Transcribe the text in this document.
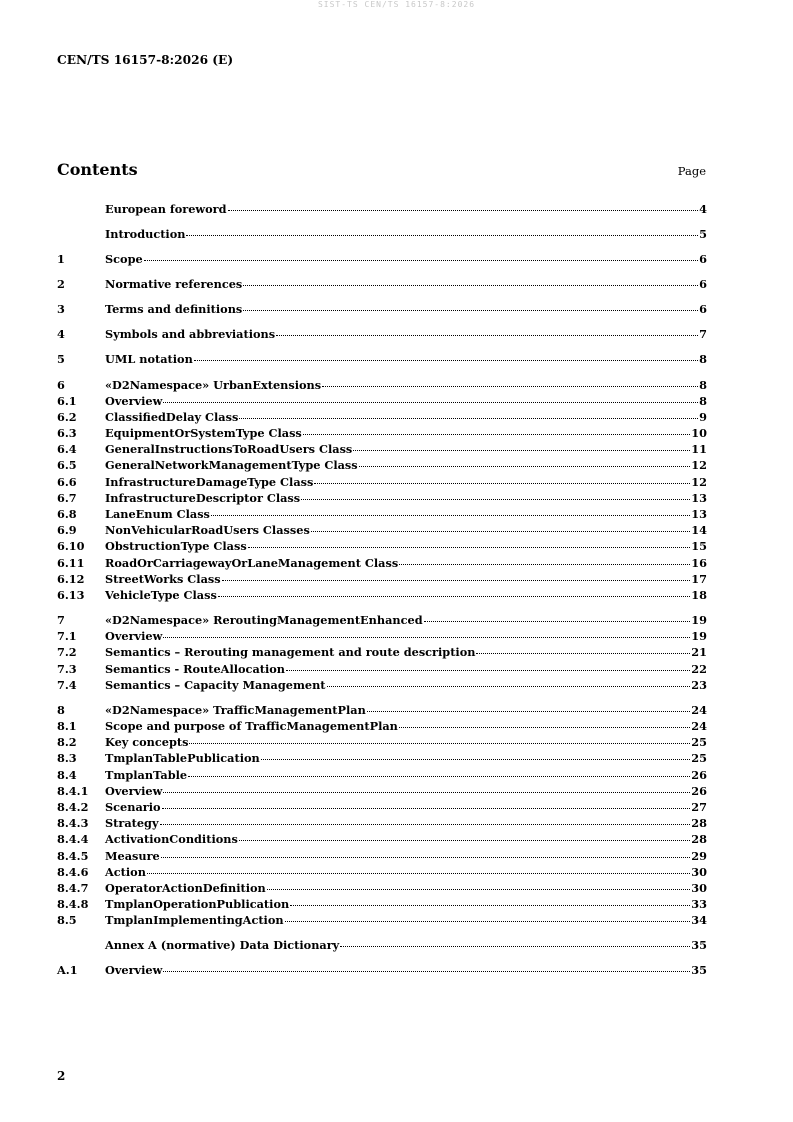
SIST-TS CEN/TS 16157-8:2026
CEN/TS 16157-8:2026 (E)
Contents	Page
European foreword	4
Introduction	5
1	Scope	6
2	Normative references	6
3	Terms and definitions	6
4	Symbols and abbreviations	7
5	UML notation	8
6	«D2Namespace» UrbanExtensions	8
6.1	Overview	8
6.2	ClassifiedDelay Class	9
6.3	EquipmentOrSystemType Class	10
6.4	GeneralInstructionsToRoadUsers Class	11
6.5	GeneralNetworkManagementType Class	12
6.6	InfrastructureDamageType Class	12
6.7	InfrastructureDescriptor Class	13
6.8	LaneEnum Class	13
6.9	NonVehicularRoadUsers Classes	14
6.10	ObstructionType Class	15
6.11	RoadOrCarriagewayOrLaneManagement Class	16
6.12	StreetWorks Class	17
6.13	VehicleType Class	18
7	«D2Namespace» ReroutingManagementEnhanced	19
7.1	Overview	19
7.2	Semantics – Rerouting management and route description	21
7.3	Semantics - RouteAllocation	22
7.4	Semantics – Capacity Management	23
8	«D2Namespace» TrafficManagementPlan	24
8.1	Scope and purpose of TrafficManagementPlan	24
8.2	Key concepts	25
8.3	TmplanTablePublication	25
8.4	TmplanTable	26
8.4.1	Overview	26
8.4.2	Scenario	27
8.4.3	Strategy	28
8.4.4	ActivationConditions	28
8.4.5	Measure	29
8.4.6	Action	30
8.4.7	OperatorActionDefinition	30
8.4.8	TmplanOperationPublication	33
8.5	TmplanImplementingAction	34
Annex A (normative) Data Dictionary	35
A.1	Overview	35
2
